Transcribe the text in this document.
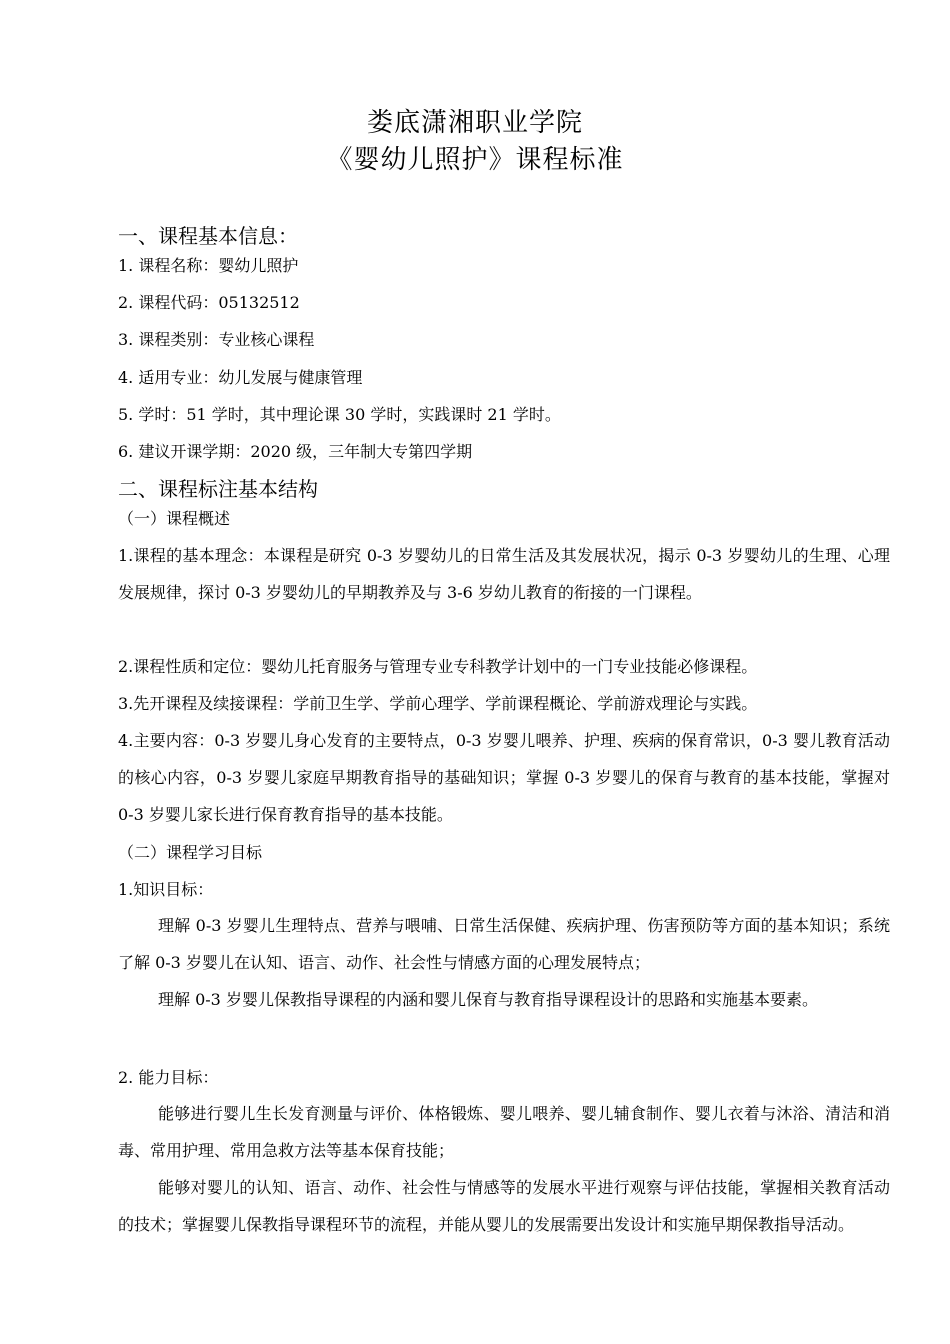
娄底潇湘职业学院
《婴幼儿照护》课程标准
一、课程基本信息：
1. 课程名称：婴幼儿照护
2. 课程代码：05132512
3. 课程类别：专业核心课程
4. 适用专业：幼儿发展与健康管理
5. 学时：51 学时，其中理论课 30 学时，实践课时 21 学时。
6. 建议开课学期：2020 级，三年制大专第四学期
二、课程标注基本结构
（一）课程概述
1.课程的基本理念：本课程是研究 0-3 岁婴幼儿的日常生活及其发展状况，揭示 0-3 岁婴幼儿的生理、心理发展规律，探讨 0-3 岁婴幼儿的早期教养及与 3-6 岁幼儿教育的衔接的一门课程。
2.课程性质和定位：婴幼儿托育服务与管理专业专科教学计划中的一门专业技能必修课程。
3.先开课程及续接课程：学前卫生学、学前心理学、学前课程概论、学前游戏理论与实践。
4.主要内容：0-3 岁婴儿身心发育的主要特点，0-3 岁婴儿喂养、护理、疾病的保育常识，0-3 婴儿教育活动的核心内容，0-3 岁婴儿家庭早期教育指导的基础知识；掌握 0-3 岁婴儿的保育与教育的基本技能，掌握对 0-3 岁婴儿家长进行保育教育指导的基本技能。
（二）课程学习目标
1.知识目标：
理解 0-3 岁婴儿生理特点、营养与喂哺、日常生活保健、疾病护理、伤害预防等方面的基本知识；系统了解 0-3 岁婴儿在认知、语言、动作、社会性与情感方面的心理发展特点；
理解 0-3 岁婴儿保教指导课程的内涵和婴儿保育与教育指导课程设计的思路和实施基本要素。
2. 能力目标：
能够进行婴儿生长发育测量与评价、体格锻炼、婴儿喂养、婴儿辅食制作、婴儿衣着与沐浴、清洁和消毒、常用护理、常用急救方法等基本保育技能；
能够对婴儿的认知、语言、动作、社会性与情感等的发展水平进行观察与评估技能，掌握相关教育活动的技术；掌握婴儿保教指导课程环节的流程，并能从婴儿的发展需要出发设计和实施早期保教指导活动。
